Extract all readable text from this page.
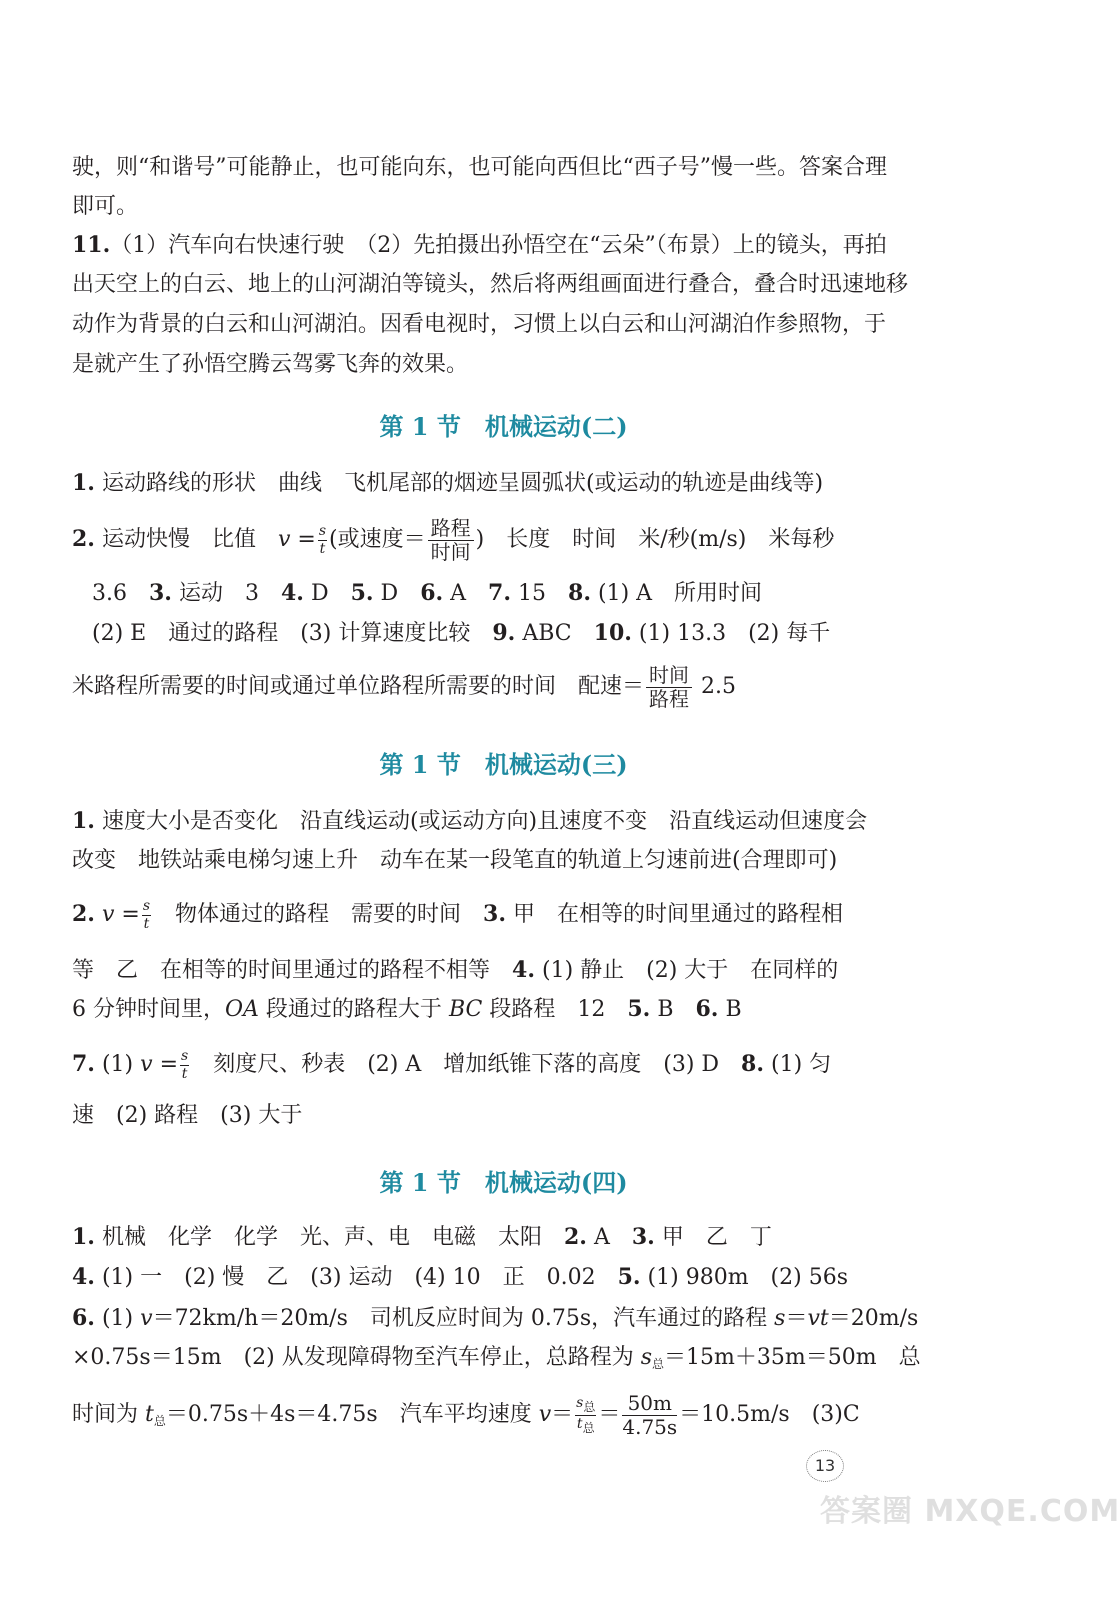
驶，则“和谐号”可能静止，也可能向东，也可能向西但比“西子号”慢一些。答案合理
即可。
11.（1）汽车向右快速行驶　（2）先拍摄出孙悟空在“云朵”（布景）上的镜头，再拍
出天空上的白云、地上的山河湖泊等镜头，然后将两组画面进行叠合，叠合时迅速地移
动作为背景的白云和山河湖泊。因看电视时，习惯上以白云和山河湖泊作参照物，于
是就产生了孙悟空腾云驾雾飞奔的效果。
第 1 节　机械运动(二)
1. 运动路线的形状　曲线　飞机尾部的烟迹呈圆弧状(或运动的轨迹是曲线等)
2. 运动快慢　比值　$v = \frac{s}{t}$ (或速度＝ $\frac{\text{路程}}{\text{时间}}$ )　长度　时间　米/秒(m/s)　米每秒
3.6　3. 运动　3　4. D　5. D　6. A　7. 15　8. (1) A　所用时间
(2) E　通过的路程　(3) 计算速度比较　9. ABC　10. (1) 13.3　(2) 每千
米路程所需要的时间或通过单位路程所需要的时间　配速＝ $\frac{\text{时间}}{\text{路程}} 2.5$
第 1 节　机械运动(三)
1. 速度大小是否变化　沿直线运动(或运动方向)且速度不变　沿直线运动但速度会
改变　地铁站乘电梯匀速上升　动车在某一段笔直的轨道上匀速前进(合理即可)
2. $v = \frac{s}{t}$
　 物体通过的路程　需要的时间　3. 甲　在相等的时间里通过的路程相
等　乙　在相等的时间里通过的路程不相等　4. (1) 静止　(2) 大于　在同样的
6 分钟时间里，OA 段通过的路程大于 BC 段路程　12　5. B　6. B
7. (1) $v = \frac{s}{t}$
　 刻度尺、秒表　(2) A　增加纸锥下落的高度　(3) D　8. (1) 匀
速　(2) 路程　(3) 大于
第 1 节　机械运动(四)
1. 机械　化学　化学　光、声、电　电磁　太阳　2. A　3. 甲　乙　丁
4. (1) 一　(2) 慢　乙　(3) 运动　(4) 10　正　0.02　5. (1) 980m　(2) 56s
6. (1) v＝72km/h＝20m/s　司机反应时间为 0.75s，汽车通过的路程 s＝vt＝20m/s
×0.75s＝15m　(2) 从发现障碍物至汽车停止，总路程为 $s_总=15m+35m=50m$　总
时间为 $t_总=0.75s+4s=4.75s$　汽车平均速度 $v= \frac{\text{s总}}{\text{t总}} = \frac{50m}{4.75s} =10.5m/s$　(3)C
13
答案圈 MXQE.COM
